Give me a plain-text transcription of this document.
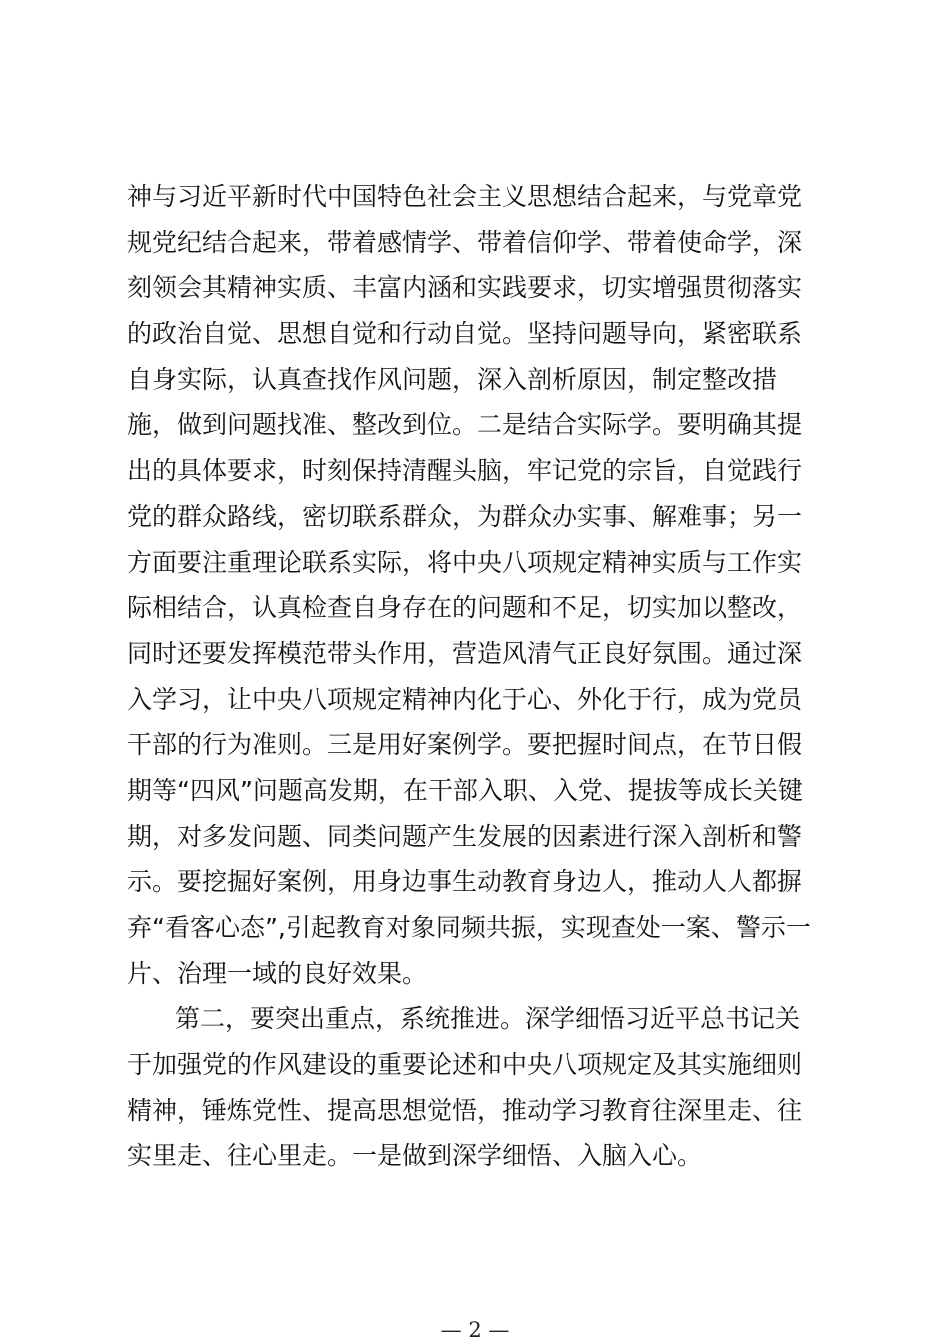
神与习近平新时代中国特色社会主义思想结合起来，与党章党
规党纪结合起来，带着感情学、带着信仰学、带着使命学，深
刻领会其精神实质、丰富内涵和实践要求，切实增强贯彻落实
的政治自觉、思想自觉和行动自觉。坚持问题导向，紧密联系
自身实际，认真查找作风问题，深入剖析原因，制定整改措
施，做到问题找准、整改到位。二是结合实际学。要明确其提
出的具体要求，时刻保持清醒头脑，牢记党的宗旨，自觉践行
党的群众路线，密切联系群众，为群众办实事、解难事；另一
方面要注重理论联系实际，将中央八项规定精神实质与工作实
际相结合，认真检查自身存在的问题和不足，切实加以整改，
同时还要发挥模范带头作用，营造风清气正良好氛围。通过深
入学习，让中央八项规定精神内化于心、外化于行，成为党员
干部的行为准则。三是用好案例学。要把握时间点，在节日假
期等“四风”问题高发期，在干部入职、入党、提拔等成长关键
期，对多发问题、同类问题产生发展的因素进行深入剖析和警
示。要挖掘好案例，用身边事生动教育身边人，推动人人都摒
弃“看客心态”,引起教育对象同频共振，实现查处一案、警示一
片、治理一域的良好效果。
第二，要突出重点，系统推进。深学细悟习近平总书记关
于加强党的作风建设的重要论述和中央八项规定及其实施细则
精神，锤炼党性、提高思想觉悟，推动学习教育往深里走、往
实里走、往心里走。一是做到深学细悟、入脑入心。
— 2 —
